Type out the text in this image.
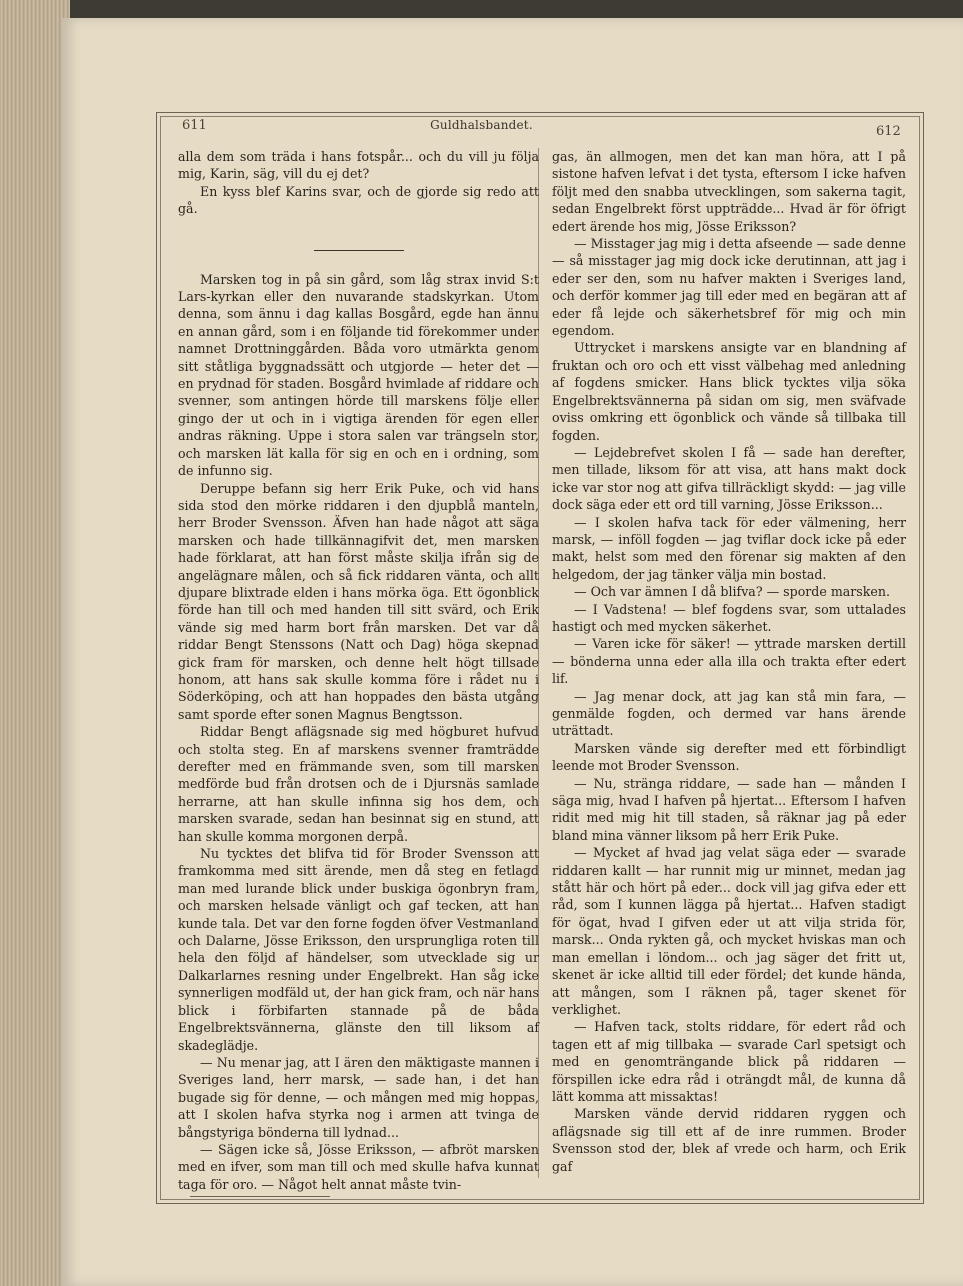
611	Guldhalsbandet.	612

alla dem som träda i hans fotspår... och du vill ju följa mig, Karin, säg, vill du ej det?

En kyss blef Karins svar, och de gjorde sig redo att gå.

Marsken tog in på sin gård, som låg strax invid S:t Lars-kyrkan eller den nuvarande stadskyrkan. Utom denna, som ännu i dag kallas Bosgård, egde han ännu en annan gård, som i en följande tid förekommer under namnet Drottninggården. Båda voro utmärkta genom sitt ståtliga byggnadssätt och utgjorde — heter det — en prydnad för staden. Bosgård hvimlade af riddare och svenner, som antingen hörde till marskens följe eller gingo der ut och in i vigtiga ärenden för egen eller andras räkning. Uppe i stora salen var trängseln stor, och marsken lät kalla för sig en och en i ordning, som de infunno sig.

Deruppe befann sig herr Erik Puke, och vid hans sida stod den mörke riddaren i den djupblå manteln, herr Broder Svensson. Äfven han hade något att säga marsken och hade tillkännagifvit det, men marsken hade förklarat, att han först måste skilja ifrån sig de angelägnare målen, och så fick riddaren vänta, och allt djupare blixtrade elden i hans mörka öga. Ett ögonblick förde han till och med handen till sitt svärd, och Erik vände sig med harm bort från marsken. Det var då riddar Bengt Stenssons (Natt och Dag) höga skepnad gick fram för marsken, och denne helt högt tillsade honom, att hans sak skulle komma före i rådet nu i Söderköping, och att han hoppades den bästa utgång samt sporde efter sonen Magnus Bengtsson.

Riddar Bengt aflägsnade sig med högburet hufvud och stolta steg. En af marskens svenner framträdde derefter med en främmande sven, som till marsken medförde bud från drotsen och de i Djursnäs samlade herrarne, att han skulle infinna sig hos dem, och marsken svarade, sedan han besinnat sig en stund, att han skulle komma morgonen derpå.

Nu tycktes det blifva tid för Broder Svensson att framkomma med sitt ärende, men då steg en fetlagd man med lurande blick under buskiga ögonbryn fram, och marsken helsade vänligt och gaf tecken, att han kunde tala. Det var den forne fogden öfver Vestmanland och Dalarne, Jösse Eriksson, den ursprungliga roten till hela den följd af händelser, som utvecklade sig ur Dalkarlarnes resning under Engelbrekt. Han såg icke synnerligen modfäld ut, der han gick fram, och när hans blick i förbifarten stannade på de båda Engelbrektsvännerna, glänste den till liksom af skadeglädje.

— Nu menar jag, att I ären den mäktigaste mannen i Sveriges land, herr marsk, — sade han, i det han bugade sig för denne, — och mången med mig hoppas, att I skolen hafva styrka nog i armen att tvinga de bångstyriga bönderna till lydnad...

— Sägen icke så, Jösse Eriksson, — afbröt marsken med en ifver, som man till och med skulle hafva kunnat taga för oro. — Något helt annat måste tvin-

gas, än allmogen, men det kan man höra, att I på sistone hafven lefvat i det tysta, eftersom I icke hafven följt med den snabba utvecklingen, som sakerna tagit, sedan Engelbrekt först uppträdde... Hvad är för öfrigt edert ärende hos mig, Jösse Eriksson?

— Misstager jag mig i detta afseende — sade denne — så misstager jag mig dock icke derutinnan, att jag i eder ser den, som nu hafver makten i Sveriges land, och derför kommer jag till eder med en begäran att af eder få lejde och säkerhetsbref för mig och min egendom.

Uttrycket i marskens ansigte var en blandning af fruktan och oro och ett visst välbehag med anledning af fogdens smicker. Hans blick tycktes vilja söka Engelbrektsvännerna på sidan om sig, men sväfvade oviss omkring ett ögonblick och vände så tillbaka till fogden.

— Lejdebrefvet skolen I få — sade han derefter, men tillade, liksom för att visa, att hans makt dock icke var stor nog att gifva tillräckligt skydd: — jag ville dock säga eder ett ord till varning, Jösse Eriksson...

— I skolen hafva tack för eder välmening, herr marsk, — inföll fogden — jag tviflar dock icke på eder makt, helst som med den förenar sig makten af den helgedom, der jag tänker välja min bostad.

— Och var ämnen I då blifva? — sporde marsken.

— I Vadstena! — blef fogdens svar, som uttalades hastigt och med mycken säkerhet.

— Varen icke för säker! — yttrade marsken dertill — bönderna unna eder alla illa och trakta efter edert lif.

— Jag menar dock, att jag kan stå min fara, — genmälde fogden, och dermed var hans ärende uträttadt.

Marsken vände sig derefter med ett förbindligt leende mot Broder Svensson.

— Nu, stränga riddare, — sade han — månden I säga mig, hvad I hafven på hjertat... Eftersom I hafven ridit med mig hit till staden, så räknar jag på eder bland mina vänner liksom på herr Erik Puke.

— Mycket af hvad jag velat säga eder — svarade riddaren kallt — har runnit mig ur minnet, medan jag stått här och hört på eder... dock vill jag gifva eder ett råd, som I kunnen lägga på hjertat... Hafven stadigt för ögat, hvad I gifven eder ut att vilja strida för, marsk... Onda rykten gå, och mycket hviskas man och man emellan i löndom... och jag säger det fritt ut, skenet är icke alltid till eder fördel; det kunde hända, att mången, som I räknen på, tager skenet för verklighet.

— Hafven tack, stolts riddare, för edert råd och tagen ett af mig tillbaka — svarade Carl spetsigt och med en genomträngande blick på riddaren — förspillen icke edra råd i oträngdt mål, de kunna då lätt komma att missaktas!

Marsken vände dervid riddaren ryggen och aflägsnade sig till ett af de inre rummen. Broder Svensson stod der, blek af vrede och harm, och Erik gaf
